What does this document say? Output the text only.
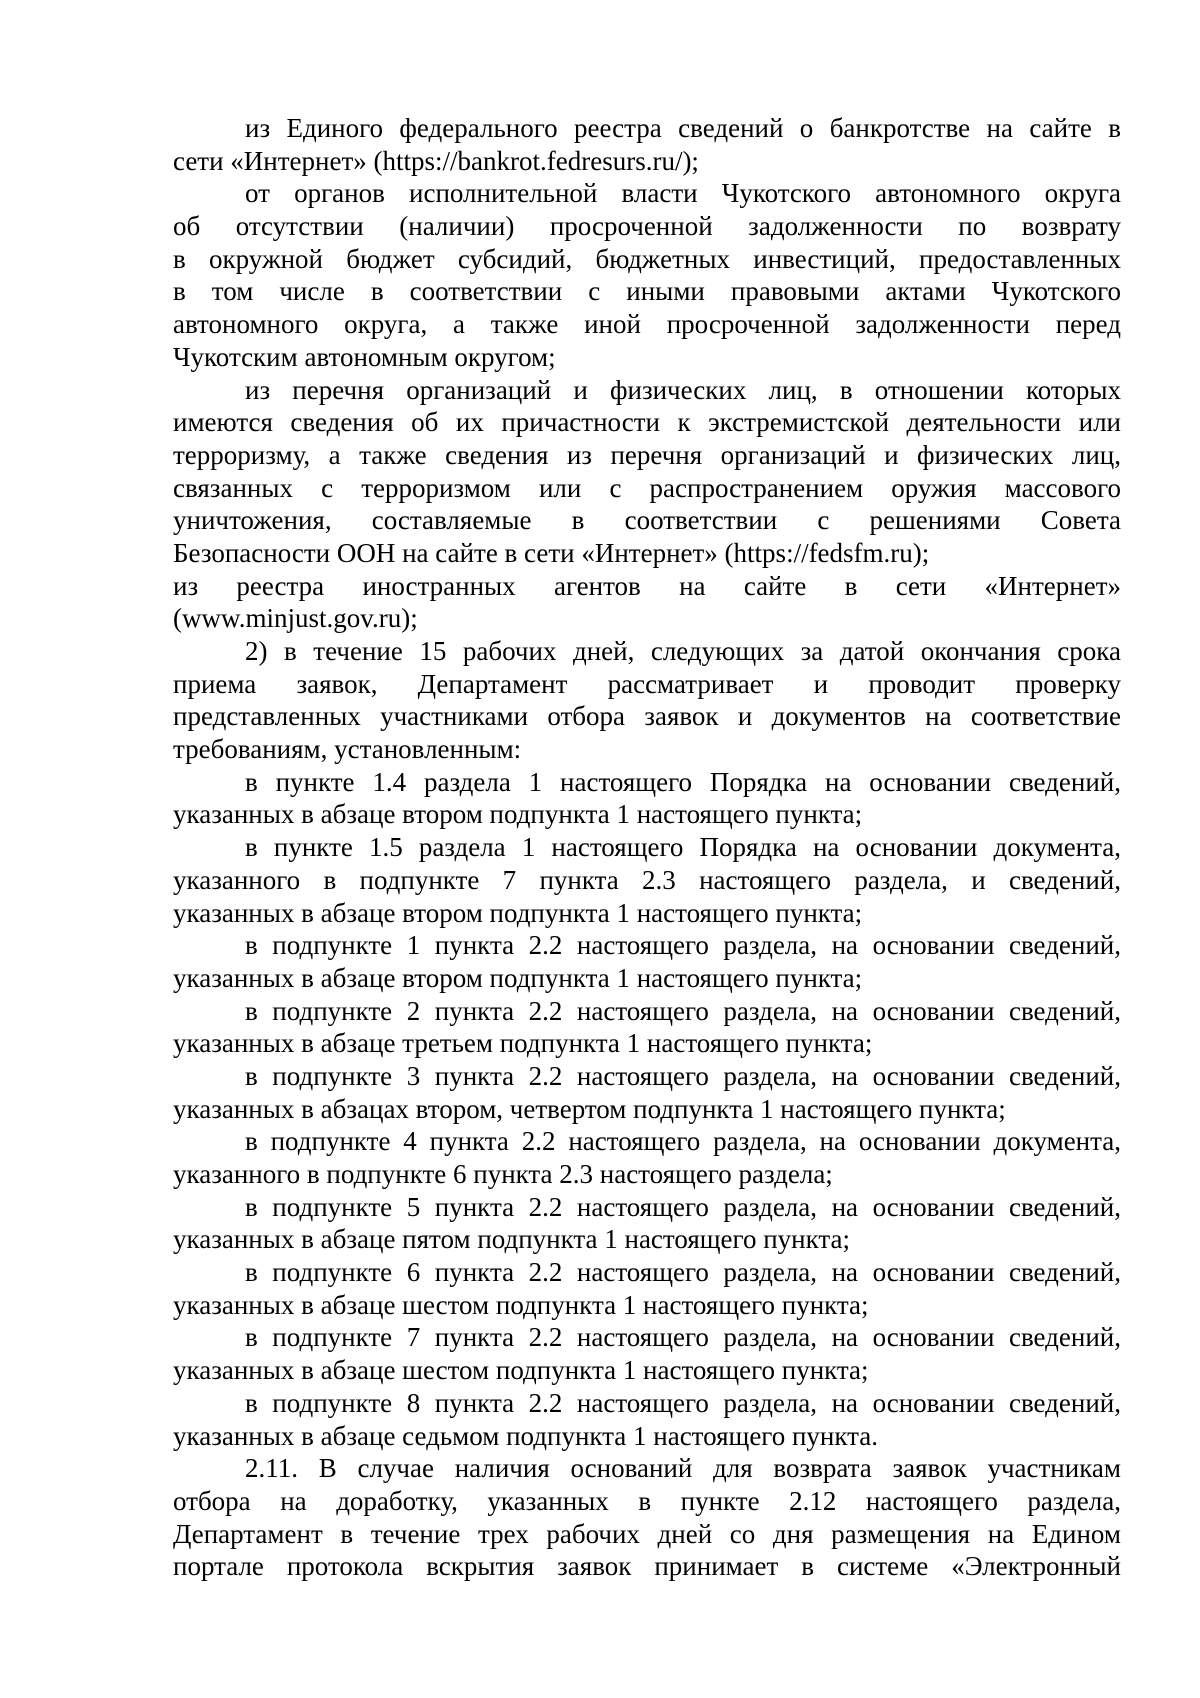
из Единого федерального реестра сведений о банкротстве на сайте в
сети «Интернет» (https://bankrot.fedresurs.ru/);
от органов исполнительной власти Чукотского автономного округа
об отсутствии (наличии) просроченной задолженности по возврату
в окружной бюджет субсидий, бюджетных инвестиций, предоставленных
в том числе в соответствии с иными правовыми актами Чукотского
автономного округа, а также иной просроченной задолженности перед
Чукотским автономным округом;
из перечня организаций и физических лиц, в отношении которых
имеются сведения об их причастности к экстремистской деятельности или
терроризму, а также сведения из перечня организаций и физических лиц,
связанных с терроризмом или с распространением оружия массового
уничтожения, составляемые в соответствии с решениями Совета
Безопасности ООН на сайте в сети «Интернет» (https://fedsfm.ru);
из реестра иностранных агентов на сайте в сети «Интернет»
(www.minjust.gov.ru);
2) в течение 15 рабочих дней, следующих за датой окончания срока
приема заявок, Департамент рассматривает и проводит проверку
представленных участниками отбора заявок и документов на соответствие
требованиям, установленным:
в пункте 1.4 раздела 1 настоящего Порядка на основании сведений,
указанных в абзаце втором подпункта 1 настоящего пункта;
в пункте 1.5 раздела 1 настоящего Порядка на основании документа,
указанного в подпункте 7 пункта 2.3 настоящего раздела, и сведений,
указанных в абзаце втором подпункта 1 настоящего пункта;
в подпункте 1 пункта 2.2 настоящего раздела, на основании сведений,
указанных в абзаце втором подпункта 1 настоящего пункта;
в подпункте 2 пункта 2.2 настоящего раздела, на основании сведений,
указанных в абзаце третьем подпункта 1 настоящего пункта;
в подпункте 3 пункта 2.2 настоящего раздела, на основании сведений,
указанных в абзацах втором, четвертом подпункта 1 настоящего пункта;
в подпункте 4 пункта 2.2 настоящего раздела, на основании документа,
указанного в подпункте 6 пункта 2.3 настоящего раздела;
в подпункте 5 пункта 2.2 настоящего раздела, на основании сведений,
указанных в абзаце пятом подпункта 1 настоящего пункта;
в подпункте 6 пункта 2.2 настоящего раздела, на основании сведений,
указанных в абзаце шестом подпункта 1 настоящего пункта;
в подпункте 7 пункта 2.2 настоящего раздела, на основании сведений,
указанных в абзаце шестом подпункта 1 настоящего пункта;
в подпункте 8 пункта 2.2 настоящего раздела, на основании сведений,
указанных в абзаце седьмом подпункта 1 настоящего пункта.
2.11. В случае наличия оснований для возврата заявок участникам
отбора на доработку, указанных в пункте 2.12 настоящего раздела,
Департамент в течение трех рабочих дней со дня размещения на Едином
портале протокола вскрытия заявок принимает в системе «Электронный
